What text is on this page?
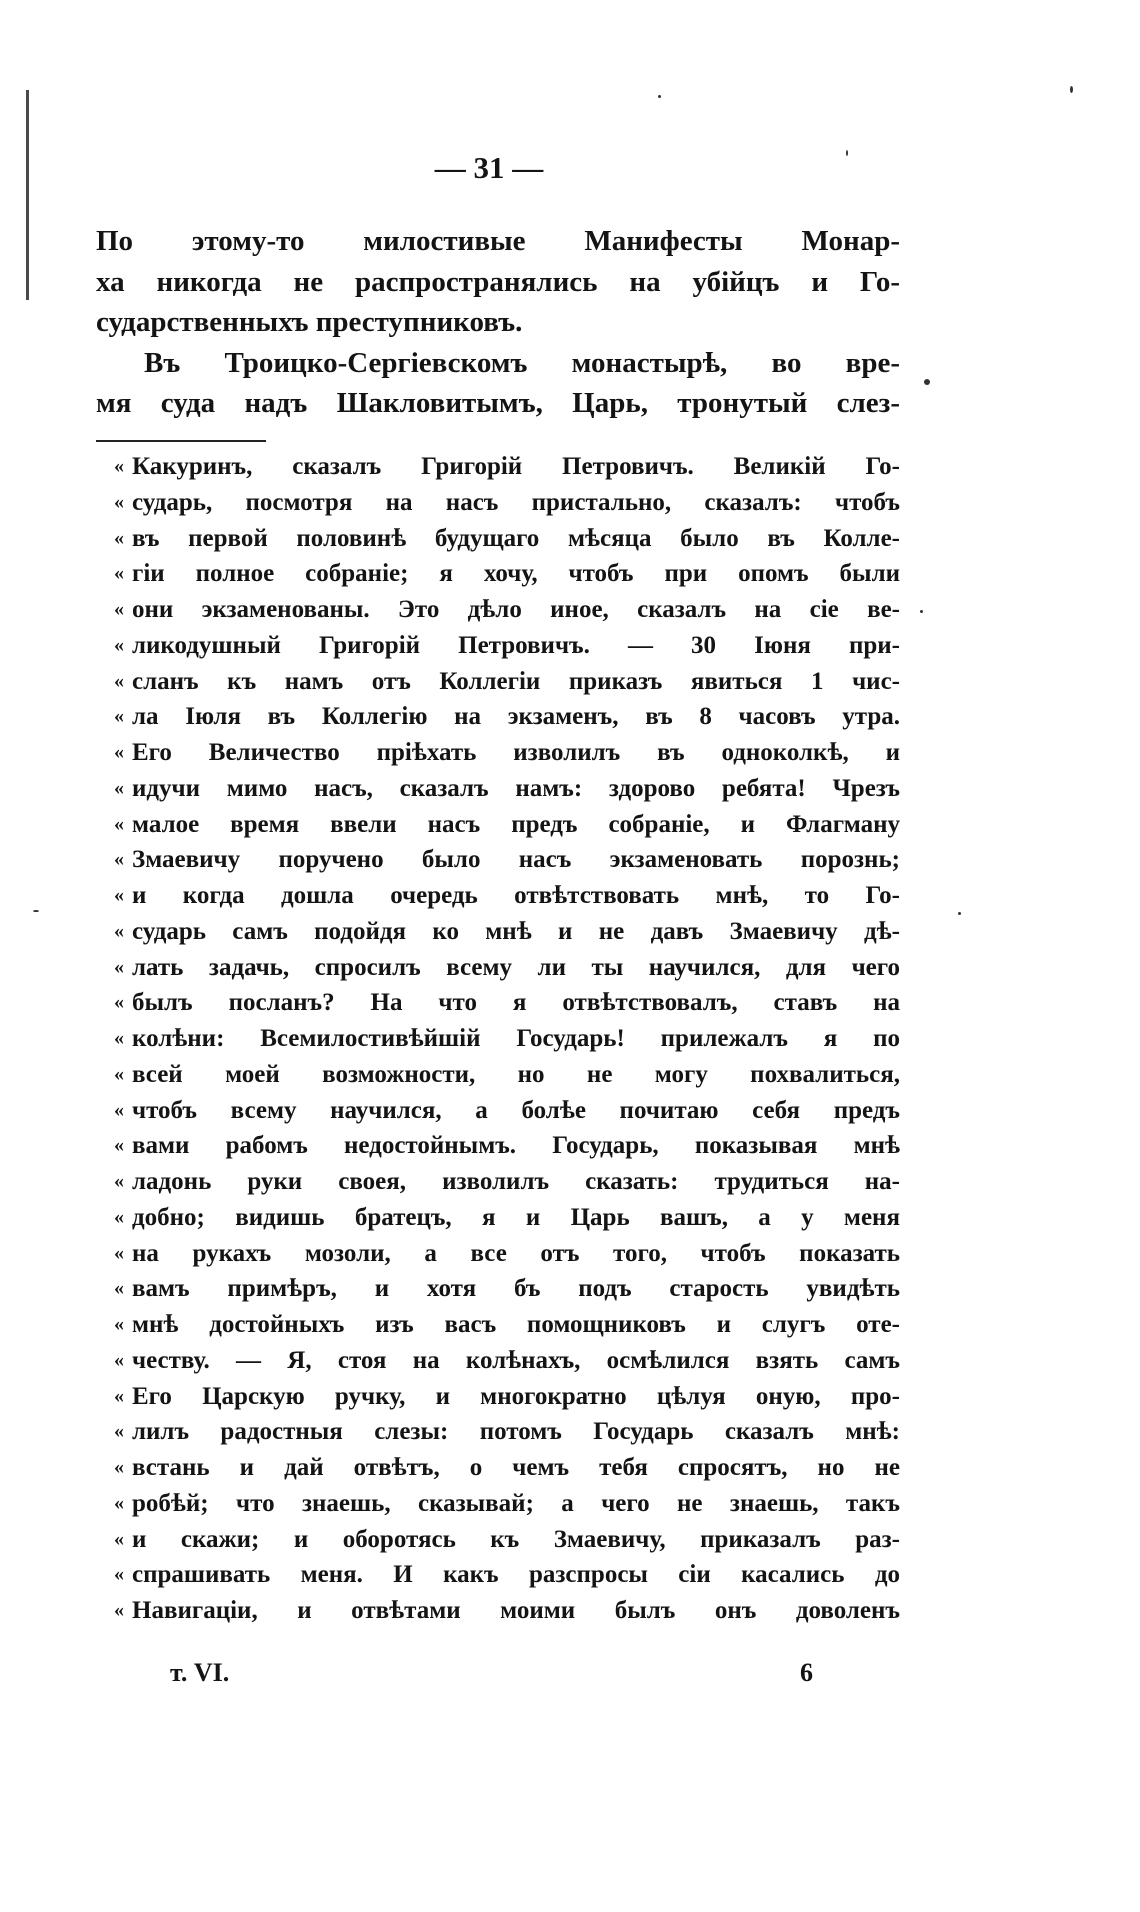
— 31 —
По этому-то милостивые Манифесты Монар-
ха никогда не распространялись на убійцъ и Го-
сударственныхъ преступниковъ.
Въ Троицко-Сергіевскомъ монастырѣ, во вре-
мя суда надъ Шакловитымъ, Царь, тронутый слез-
« Какуринъ, сказалъ Григорій Петровичъ. Великій Го-
« сударь, посмотря на насъ пристально, сказалъ: чтобъ
« въ первой половинѣ будущаго мѣсяца было въ Колле-
« гіи полное собраніе; я хочу, чтобъ при опомъ были
« они экзаменованы. Это дѣло иное, сказалъ на сіе ве-
« ликодушный Григорій Петровичъ. — 30 Іюня при-
« сланъ къ намъ отъ Коллегіи приказъ явиться 1 чис-
« ла Іюля въ Коллегію на экзаменъ, въ 8 часовъ утра.
« Его Величество пріѣхать изволилъ въ одноколкѣ, и
« идучи мимо насъ, сказалъ намъ: здорово ребята! Чрезъ
« малое время ввели насъ предъ собраніе, и Флагману
« Змаевичу поручено было насъ экзаменовать порознь;
« и когда дошла очередь отвѣтствовать мнѣ, то Го-
« сударь самъ подойдя ко мнѣ и не давъ Змаевичу дѣ-
« лать задачь, спросилъ всему ли ты научился, для чего
« былъ посланъ? На что я отвѣтствовалъ, ставъ на
« колѣни: Всемилостивѣйшій Государь! прилежалъ я по
« всей моей возможности, но не могу похвалиться,
« чтобъ всему научился, а болѣе почитаю себя предъ
« вами рабомъ недостойнымъ. Государь, показывая мнѣ
« ладонь руки своея, изволилъ сказать: трудиться на-
« добно; видишь братецъ, я и Царь вашъ, а у меня
« на рукахъ мозоли, а все отъ того, чтобъ показать
« вамъ примѣръ, и хотя бъ подъ старость увидѣть
« мнѣ достойныхъ изъ васъ помощниковъ и слугъ оте-
« честву. — Я, стоя на колѣнахъ, осмѣлился взять самъ
« Его Царскую ручку, и многократно цѣлуя оную, про-
« лилъ радостныя слезы: потомъ Государь сказалъ мнѣ:
« встань и дай отвѣтъ, о чемъ тебя спросятъ, но не
« робѣй; что знаешь, сказывай; а чего не знаешь, такъ
« и скажи; и оборотясь къ Змаевичу, приказалъ раз-
« спрашивать меня. И какъ разспросы сіи касались до
« Навигаціи, и отвѣтами моими былъ онъ доволенъ
т. VI.	6
